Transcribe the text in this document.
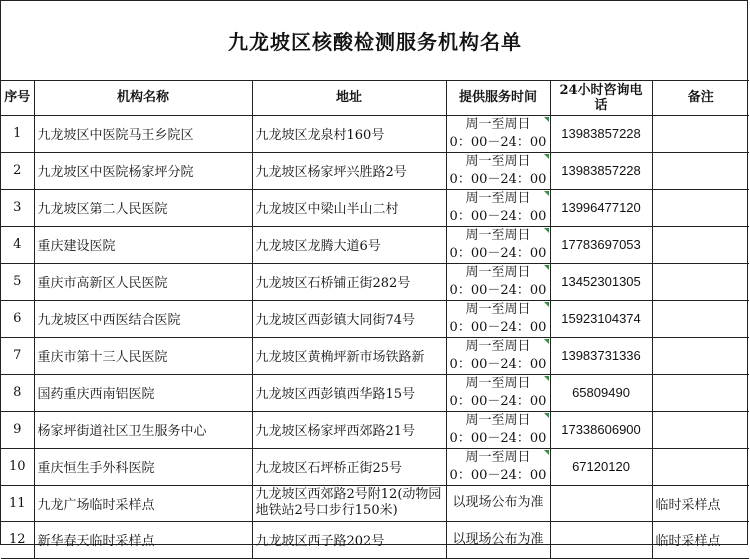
九龙坡区核酸检测服务机构名单
序号	机构名称	地址	提供服务时间	24小时咨询电话	备注
1	九龙坡区中医院马王乡院区	九龙坡区龙泉村160号	周一至周日
0：00－24：00	13983857228	
2	九龙坡区中医院杨家坪分院	九龙坡区杨家坪兴胜路2号	周一至周日
0：00－24：00	13983857228	
3	九龙坡区第二人民医院	九龙坡区中梁山半山二村	周一至周日
0：00－24：00	13996477120	
4	重庆建设医院	九龙坡区龙腾大道6号	周一至周日
0：00－24：00	17783697053	
5	重庆市高新区人民医院	九龙坡区石桥铺正街282号	周一至周日
0：00－24：00	13452301305	
6	九龙坡区中西医结合医院	九龙坡区西彭镇大同街74号	周一至周日
0：00－24：00	15923104374	
7	重庆市第十三人民医院	九龙坡区黄桷坪新市场铁路新	周一至周日
0：00－24：00	13983731336	
8	国药重庆西南铝医院	九龙坡区西彭镇西华路15号	周一至周日
0：00－24：00	65809490	
9	杨家坪街道社区卫生服务中心	九龙坡区杨家坪西郊路21号	周一至周日
0：00－24：00	17338606900	
10	重庆恒生手外科医院	九龙坡区石坪桥正街25号	周一至周日
0：00－24：00	67120120	
11	九龙广场临时采样点	九龙坡区西郊路2号附12(动物园地铁站2号口步行150米)	以现场公布为准		临时采样点
12	新华春天临时采样点	九龙坡区西子路202号	以现场公布为准		临时采样点
